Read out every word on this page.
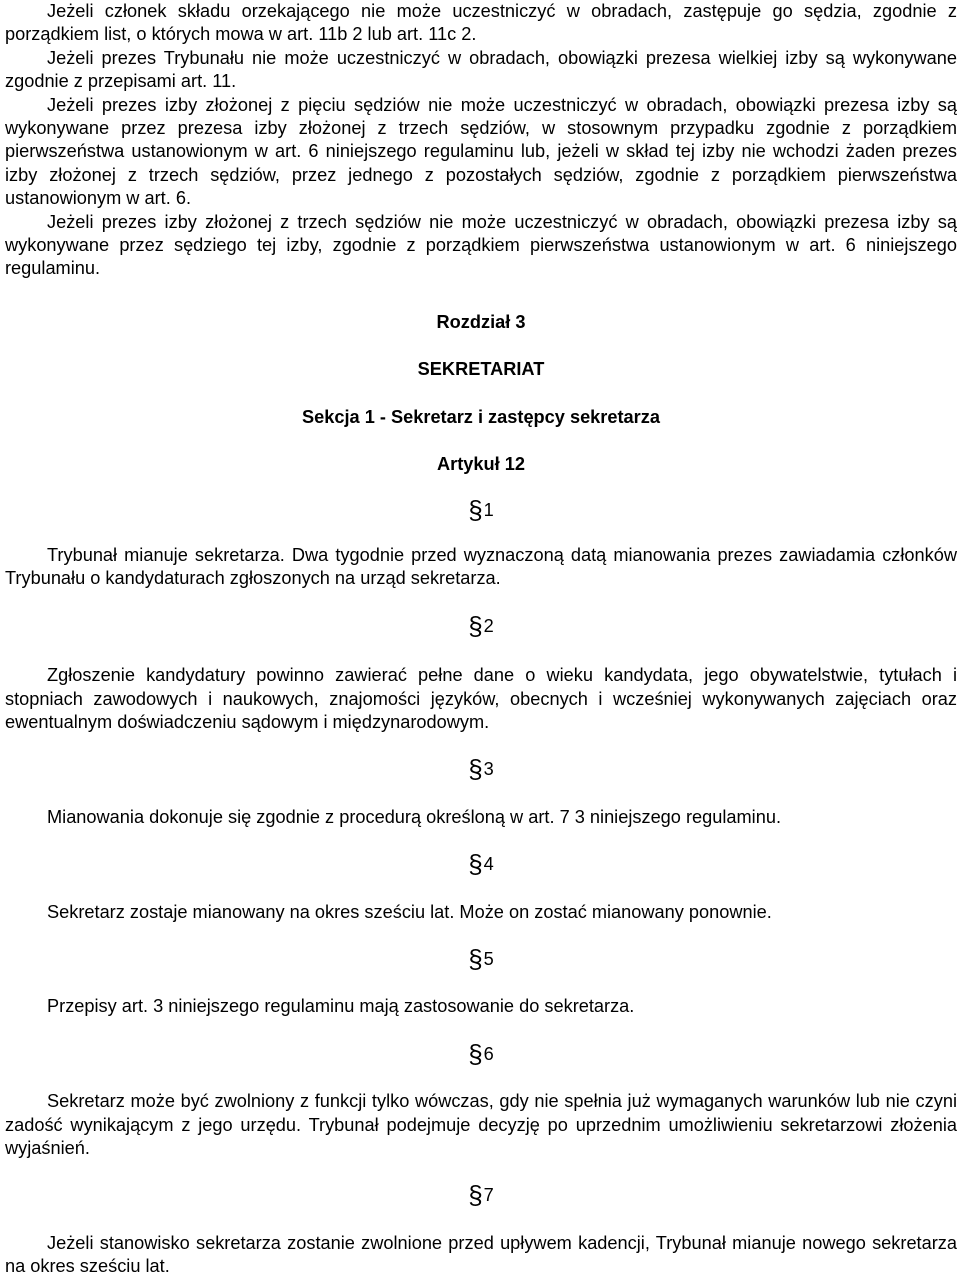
Jeżeli członek składu orzekającego nie może uczestniczyć w obradach, zastępuje go sędzia, zgodnie z porządkiem list, o których mowa w art. 11b 2 lub art. 11c 2.

Jeżeli prezes Trybunału nie może uczestniczyć w obradach, obowiązki prezesa wielkiej izby są wykonywane zgodnie z przepisami art. 11.

Jeżeli prezes izby złożonej z pięciu sędziów nie może uczestniczyć w obradach, obowiązki prezesa izby są wykonywane przez prezesa izby złożonej z trzech sędziów, w stosownym przypadku zgodnie z porządkiem pierwszeństwa ustanowionym w art. 6 niniejszego regulaminu lub, jeżeli w skład tej izby nie wchodzi żaden prezes izby złożonej z trzech sędziów, przez jednego z pozostałych sędziów, zgodnie z porządkiem pierwszeństwa ustanowionym w art. 6.

Jeżeli prezes izby złożonej z trzech sędziów nie może uczestniczyć w obradach, obowiązki prezesa izby są wykonywane przez sędziego tej izby, zgodnie z porządkiem pierwszeństwa ustanowionym w art. 6 niniejszego regulaminu.

Rozdział 3

SEKRETARIAT

Sekcja 1 - Sekretarz i zastępcy sekretarza

Artykuł 12

§1

Trybunał mianuje sekretarza. Dwa tygodnie przed wyznaczoną datą mianowania prezes zawiadamia członków Trybunału o kandydaturach zgłoszonych na urząd sekretarza.

§2

Zgłoszenie kandydatury powinno zawierać pełne dane o wieku kandydata, jego obywatelstwie, tytułach i stopniach zawodowych i naukowych, znajomości języków, obecnych i wcześniej wykonywanych zajęciach oraz ewentualnym doświadczeniu sądowym i międzynarodowym.

§3

Mianowania dokonuje się zgodnie z procedurą określoną w art. 7 3 niniejszego regulaminu.

§4

Sekretarz zostaje mianowany na okres sześciu lat. Może on zostać mianowany ponownie.

§5

Przepisy art. 3 niniejszego regulaminu mają zastosowanie do sekretarza.

§6

Sekretarz może być zwolniony z funkcji tylko wówczas, gdy nie spełnia już wymaganych warunków lub nie czyni zadość wynikającym z jego urzędu. Trybunał podejmuje decyzję po uprzednim umożliwieniu sekretarzowi złożenia wyjaśnień.

§7

Jeżeli stanowisko sekretarza zostanie zwolnione przed upływem kadencji, Trybunał mianuje nowego sekretarza na okres sześciu lat.
